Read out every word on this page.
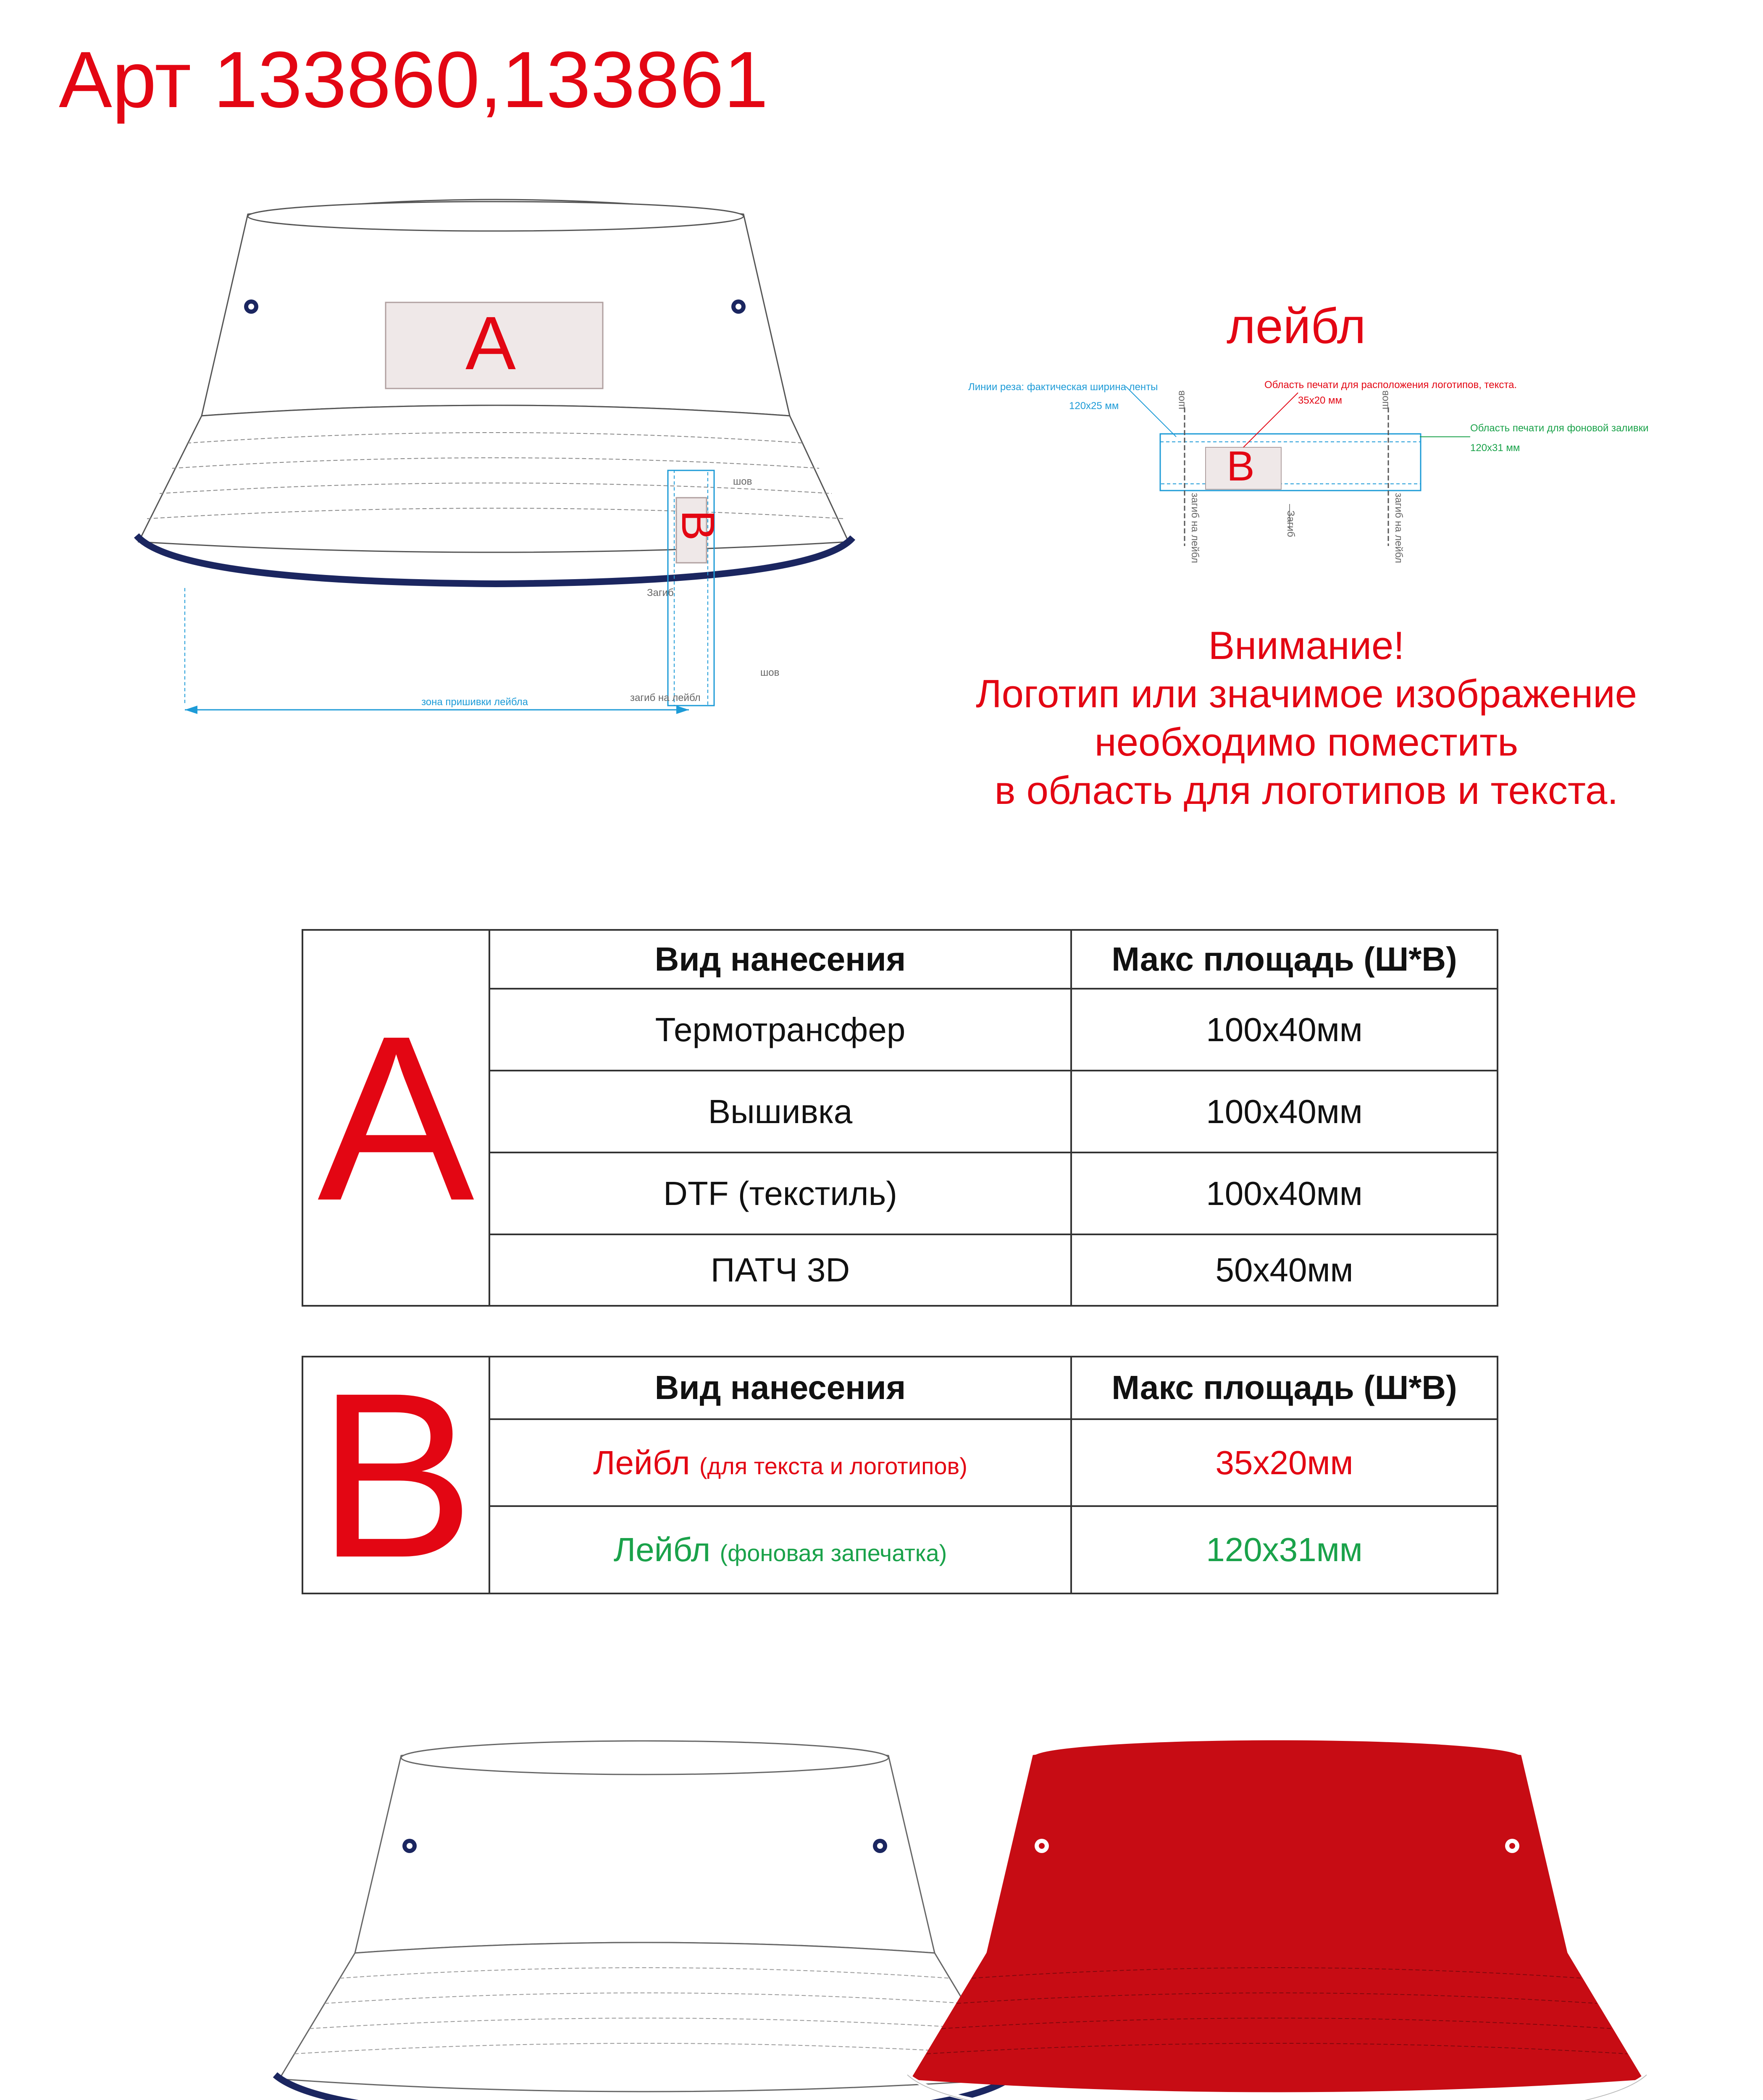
Арт 133860,133861
A
B
Загиб
шов
шов
загиб на лейбл
зона пришивки лейбла
лейбл
B
Линии реза: фактическая ширина ленты
120x25 мм
Область печати для расположения логотипов, текста.
35x20 мм
Область печати для фоновой заливки
120x31 мм
шов	шов
загиб на лейбл	Загиб	загиб на лейбл
Внимание!
Логотип или значимое изображение
необходимо поместить
в область для логотипов и текста.
A	Вид нанесения	Макс площадь (Ш*В)
	Термотрансфер	100x40мм
	Вышивка	100x40мм
	DTF (текстиль)	100x40мм
	ПАТЧ 3D	50x40мм
B	Вид нанесения	Макс площадь (Ш*В)
	Лейбл (для текста и логотипов)	35x20мм
	Лейбл (фоновая запечатка)	120x31мм
